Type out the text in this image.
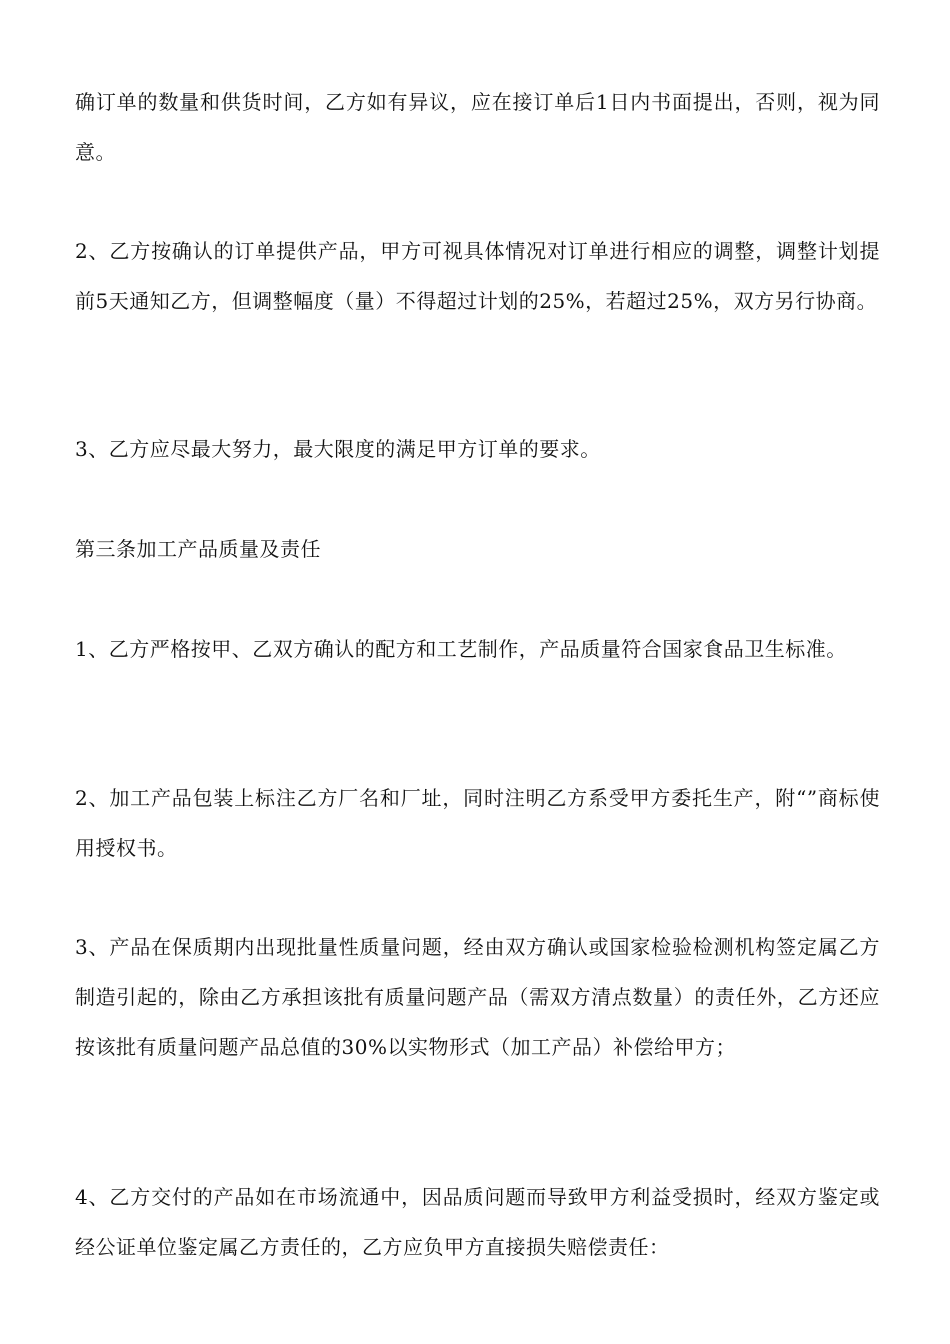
确订单的数量和供货时间，乙方如有异议，应在接订单后1日内书面提出，否则，视为同意。

2、乙方按确认的订单提供产品，甲方可视具体情况对订单进行相应的调整，调整计划提前5天通知乙方，但调整幅度（量）不得超过计划的25%，若超过25%，双方另行协商。

3、乙方应尽最大努力，最大限度的满足甲方订单的要求。

第三条加工产品质量及责任

1、乙方严格按甲、乙双方确认的配方和工艺制作，产品质量符合国家食品卫生标准。

2、加工产品包装上标注乙方厂名和厂址，同时注明乙方系受甲方委托生产，附“”商标使用授权书。

3、产品在保质期内出现批量性质量问题，经由双方确认或国家检验检测机构签定属乙方制造引起的，除由乙方承担该批有质量问题产品（需双方清点数量）的责任外，乙方还应按该批有质量问题产品总值的30%以实物形式（加工产品）补偿给甲方；

4、乙方交付的产品如在市场流通中，因品质问题而导致甲方利益受损时，经双方鉴定或经公证单位鉴定属乙方责任的，乙方应负甲方直接损失赔偿责任：
